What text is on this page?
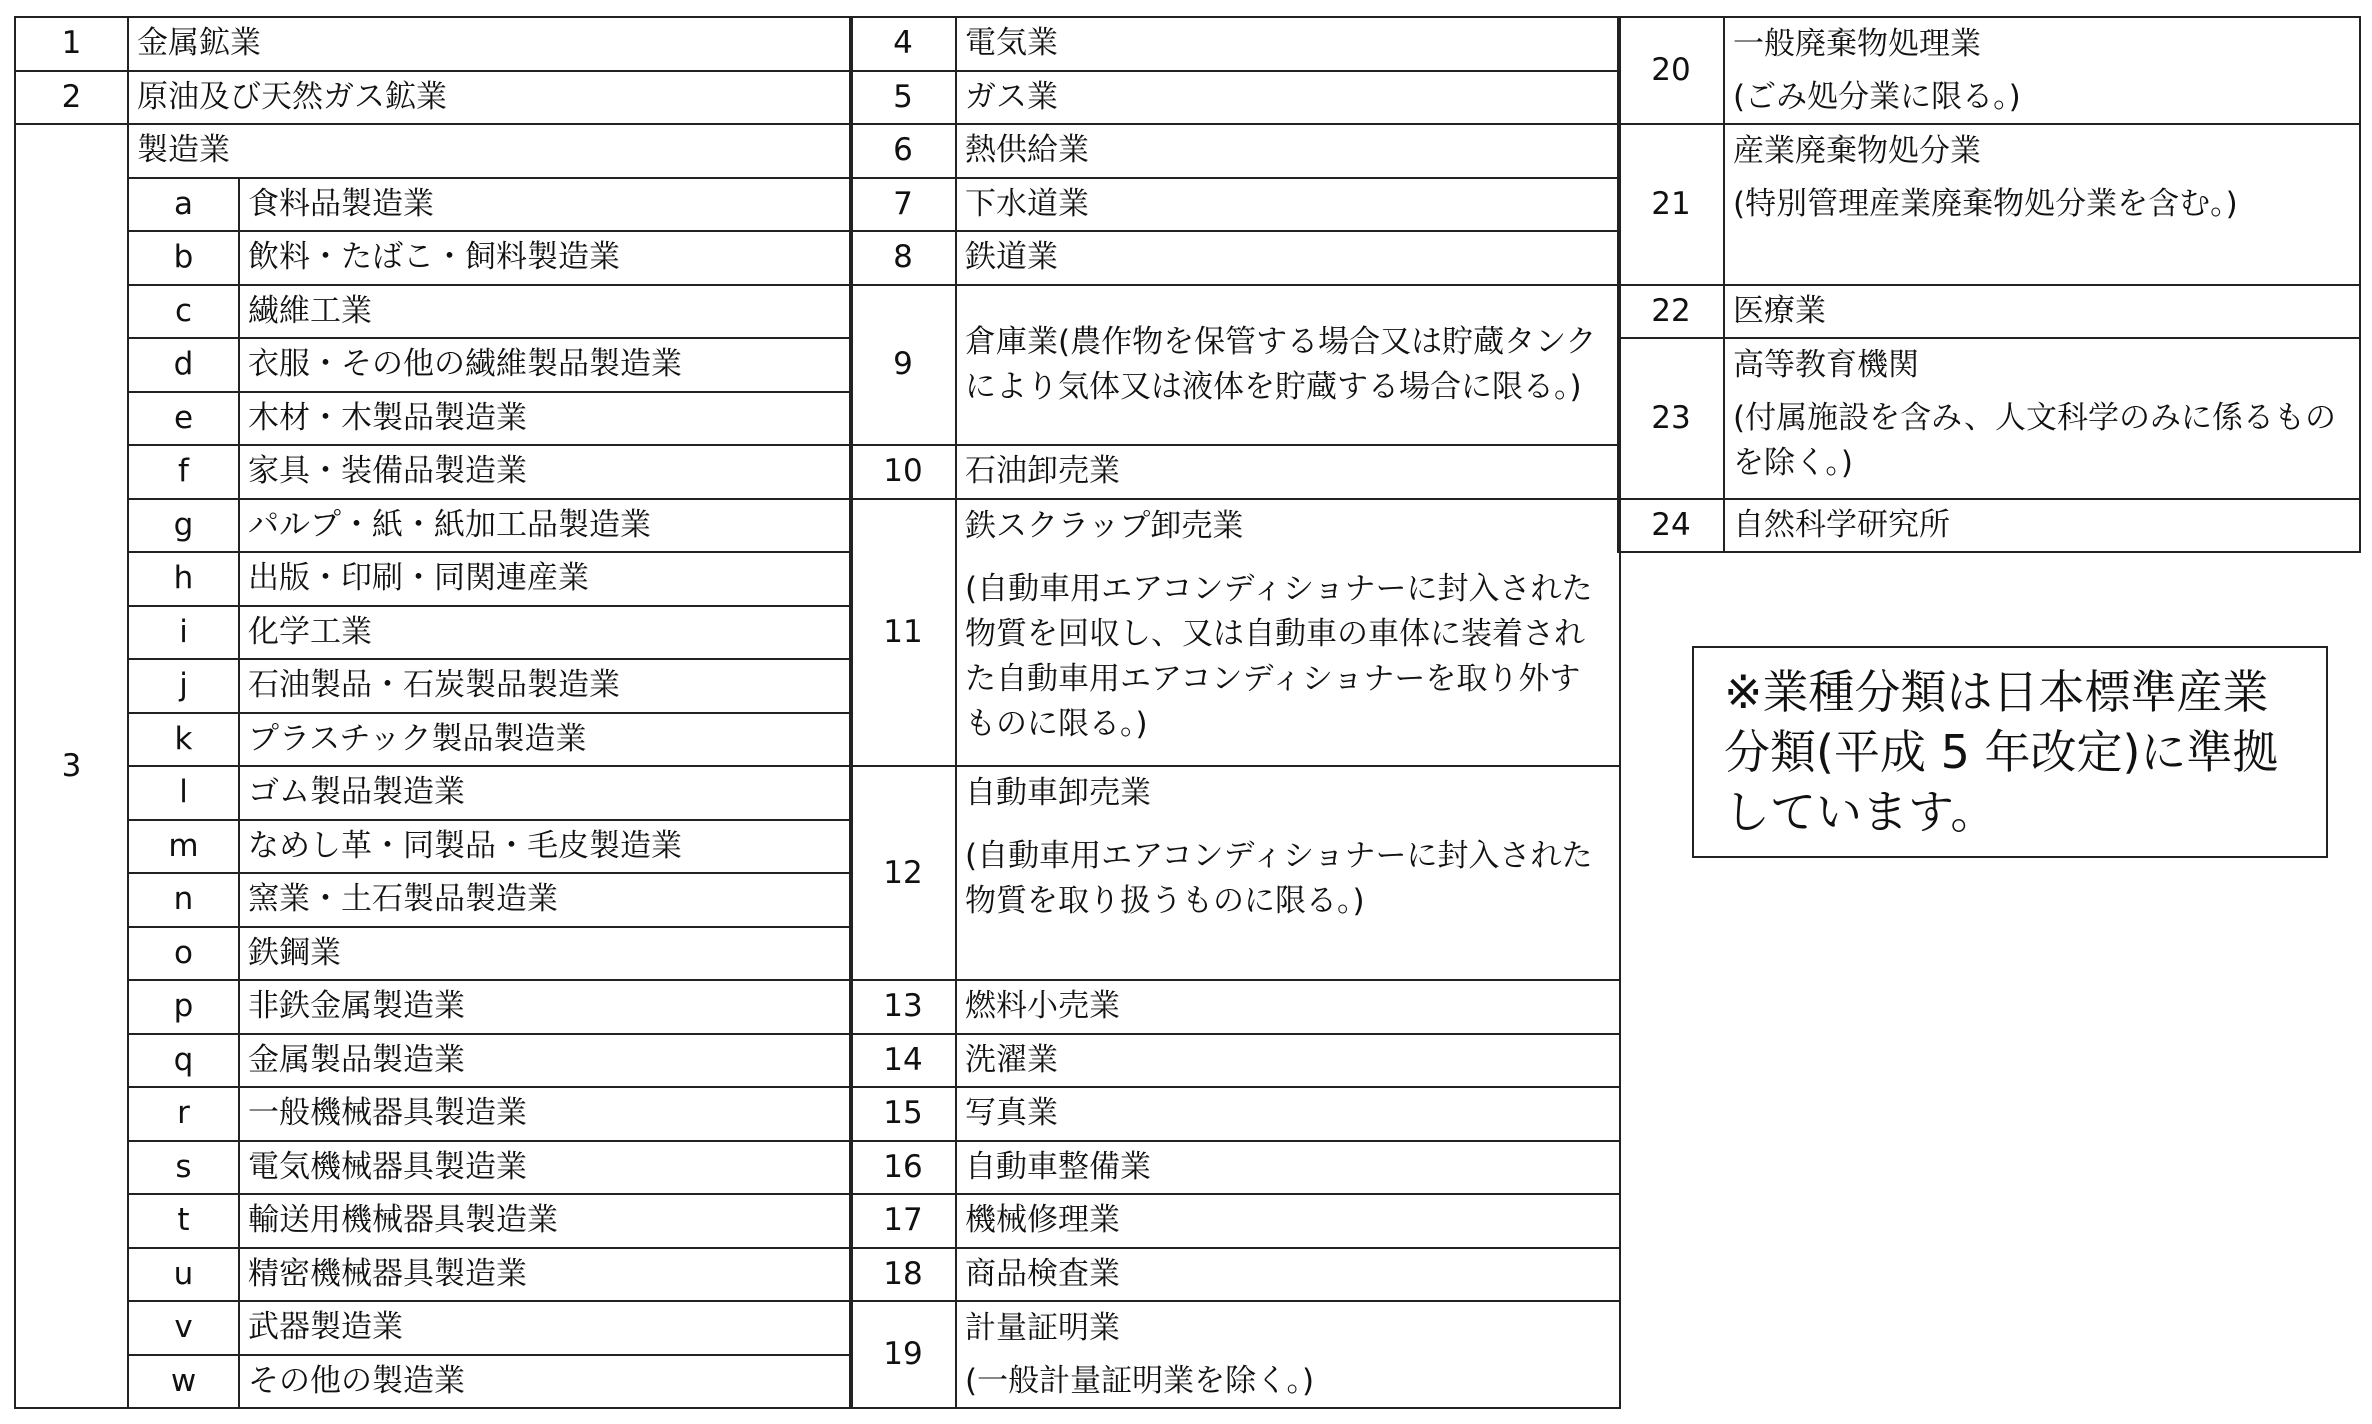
1	金属鉱業	
2	原油及び天然ガス鉱業	
3	製造業	
	a	食料品製造業
	b	飲料・たばこ・飼料製造業
	c	繊維工業
	d	衣服・その他の繊維製品製造業
	e	木材・木製品製造業
	f	家具・装備品製造業
	g	パルプ・紙・紙加工品製造業
	h	出版・印刷・同関連産業
	i	化学工業
	j	石油製品・石炭製品製造業
	k	プラスチック製品製造業
	l	ゴム製品製造業
	m	なめし革・同製品・毛皮製造業
	n	窯業・土石製品製造業
	o	鉄鋼業
	p	非鉄金属製造業
	q	金属製品製造業
	r	一般機械器具製造業
	s	電気機械器具製造業
	t	輸送用機械器具製造業
	u	精密機械器具製造業
	v	武器製造業
	w	その他の製造業
4	電気業
5	ガス業
6	熱供給業
7	下水道業
8	鉄道業
9	倉庫業(農作物を保管する場合又は貯蔵タンクにより気体又は液体を貯蔵する場合に限る。)
10	石油卸売業
11	鉄スクラップ卸売業

(自動車用エアコンディショナーに封入された物質を回収し、又は自動車の車体に装着された自動車用エアコンディショナーを取り外すものに限る。)

12	自動車卸売業

(自動車用エアコンディショナーに封入された物質を取り扱うものに限る。)

13	燃料小売業
14	洗濯業
15	写真業
16	自動車整備業
17	機械修理業
18	商品検査業
19	計量証明業
(一般計量証明業を除く。)
20	一般廃棄物処理業
(ごみ処分業に限る。)

21	産業廃棄物処分業
(特別管理産業廃棄物処分業を含む。)

22	医療業
23	高等教育機関
(付属施設を含み、人文科学のみに係るものを除く。)

24	自然科学研究所
※業種分類は日本標準産業分類(平成 5 年改定)に準拠しています。
